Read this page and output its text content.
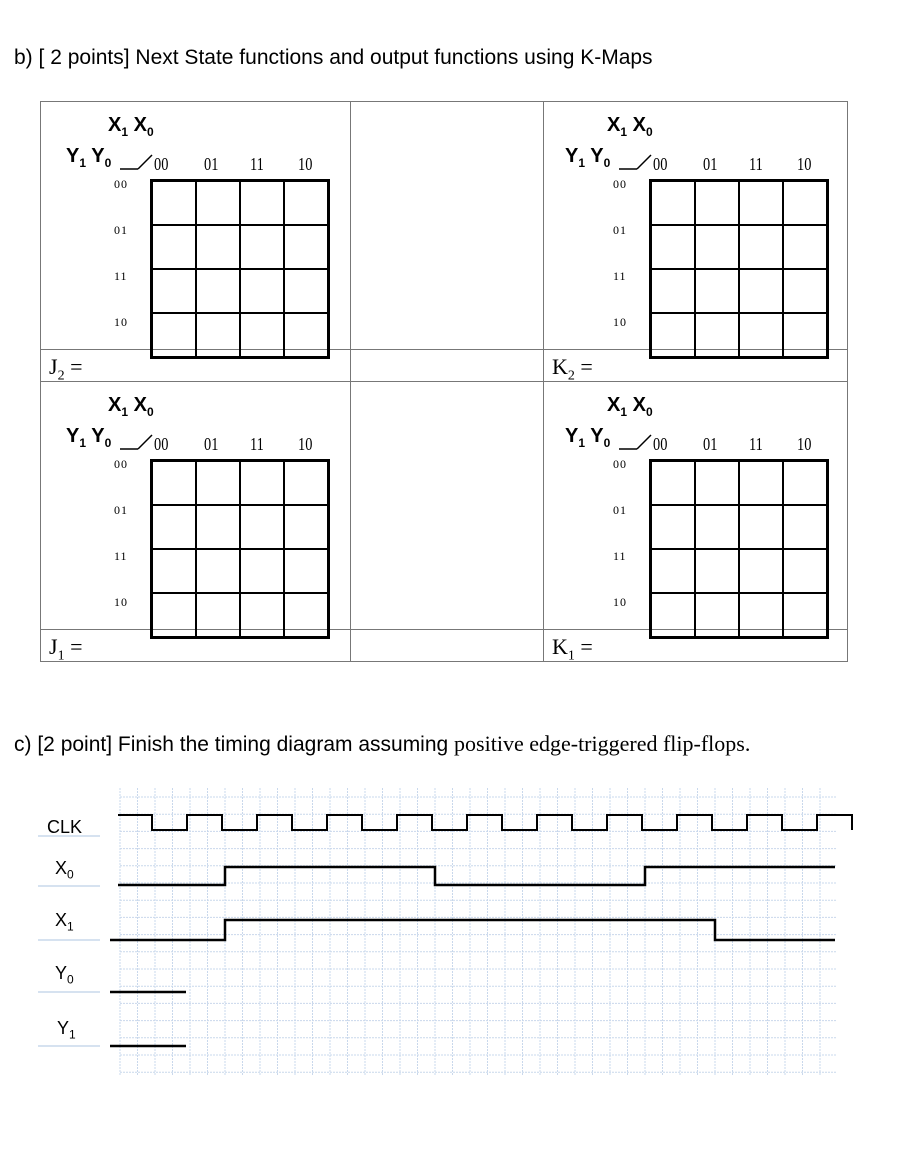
b) [ 2 points] Next State functions and output functions using K-Maps
$J_2$ =	$K_2$ =
$J_1$ =	$K_1$ =
$X_1$ $X_0$
$Y_1$ $Y_0$ 00 01 11 10
00
01
11
10
$X_1$ $X_0$
$Y_1$ $Y_0$ 00 01 11 10
00
01
11
10
$X_1$ $X_0$
$Y_1$ $Y_0$ 00 01 11 10
00
01
11
10
$X_1$ $X_0$
$Y_1$ $Y_0$ 00 01 11 10
00
01
11
10
c) [2 point] Finish the timing diagram assuming positive edge-triggered flip-flops.
CLK
$X_0$
$X_1$
$Y_0$
$Y_1$
